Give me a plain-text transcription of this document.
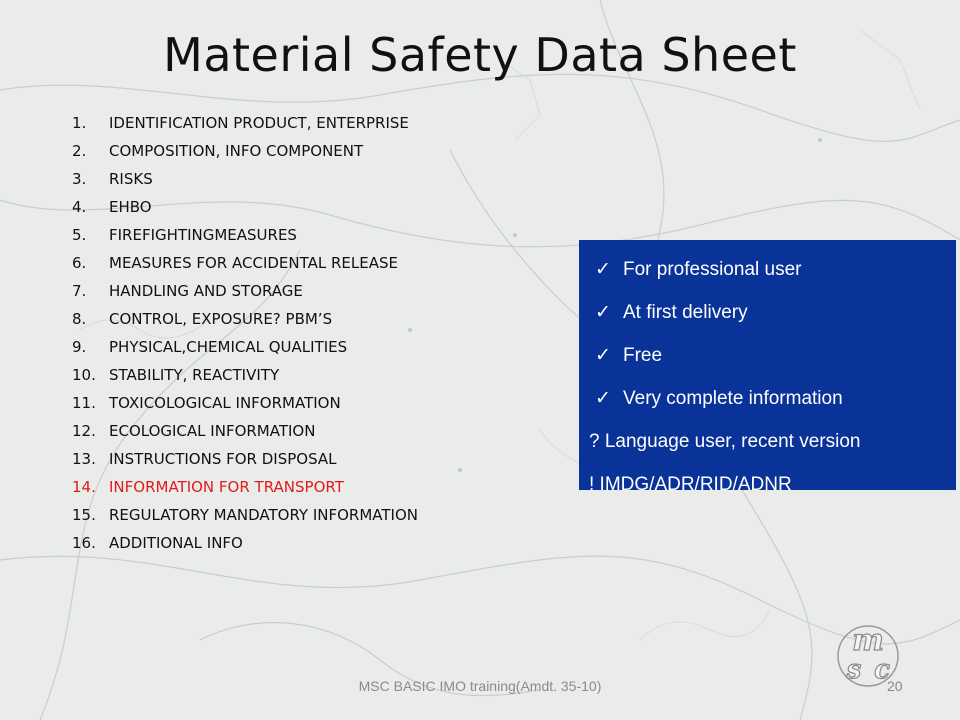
Material Safety Data Sheet
1. IDENTIFICATION PRODUCT, ENTERPRISE
2. COMPOSITION, INFO COMPONENT
3. RISKS
4. EHBO
5. FIREFIGHTINGMEASURES
6. MEASURES FOR ACCIDENTAL RELEASE
7. HANDLING AND STORAGE
8. CONTROL, EXPOSURE? PBM’S
9. PHYSICAL,CHEMICAL QUALITIES
10. STABILITY, REACTIVITY
11. TOXICOLOGICAL INFORMATION
12. ECOLOGICAL INFORMATION
13. INSTRUCTIONS FOR DISPOSAL
14. INFORMATION FOR TRANSPORT
15. REGULATORY MANDATORY INFORMATION
16. ADDITIONAL INFO
✓ For professional user
✓ At first delivery
✓ Free
✓ Very complete information
? Language user, recent version
! IMDG/ADR/RID/ADNR
m
s c
MSC BASIC IMO training(Amdt. 35-10)	20
